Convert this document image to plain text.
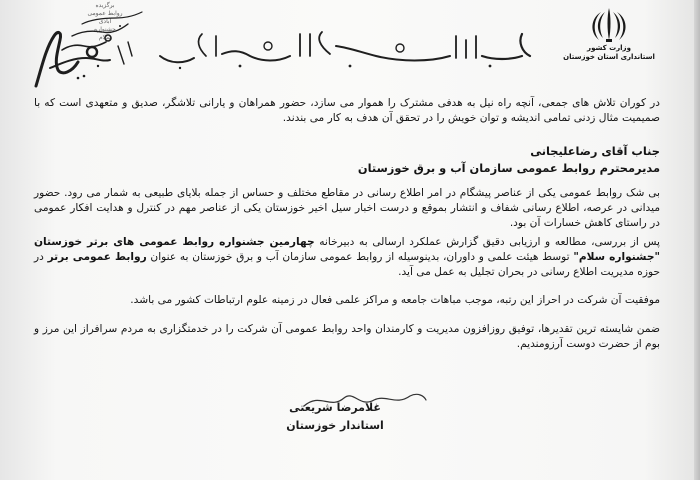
برگزیده
روابط عمومی
آبادی
جشنواره
سلام
وزارت کشور
استانداری استان خوزستان
در کوران تلاش های جمعی، آنچه راه نیل به هدفی مشترک را هموار می سازد، حضور همراهان و یارانی تلاشگر، صدیق و متعهدی است که با صمیمیت مثال زدنی تمامی اندیشه و توان خویش را در تحقق آن هدف به کار می بندند.
جناب آقای رضاعلیجانی
مدیرمحترم روابط عمومی سازمان آب و برق خوزستان
بی شک روابط عمومی یکی از عناصر پیشگام در امر اطلاع رسانی در مقاطع مختلف و حساس از جمله بلایای طبیعی به شمار می رود. حضور میدانی در عرصه، اطلاع رسانی شفاف و انتشار بموقع و درست اخبار سیل اخیر خوزستان یکی از عناصر مهم در کنترل و هدایت افکار عمومی در راستای کاهش خسارات آن بود.
پس از بررسی، مطالعه و ارزیابی دقیق گزارش عملکرد ارسالی به دبیرخانه چهارمین جشنواره روابط عمومی های برتر خوزستان "جشنواره سلام" توسط هیئت علمی و داوران، بدینوسیله از روابط عمومی سازمان آب و برق خوزستان به عنوان روابط عمومی برتر در حوزه مدیریت اطلاع رسانی در بحران تجلیل به عمل می آید.
موفقیت آن شرکت در احراز این رتبه، موجب مباهات جامعه و مراکز علمی فعال در زمینه علوم ارتباطات کشور می باشد.
ضمن شایسته ترین تقدیرها، توفیق روزافزون مدیریت و کارمندان واحد روابط عمومی آن شرکت را در خدمتگزاری به مردم سرافراز این مرز و بوم از حضرت دوست آرزومندیم.
غلامرضا شریعتی
استاندار خوزستان
